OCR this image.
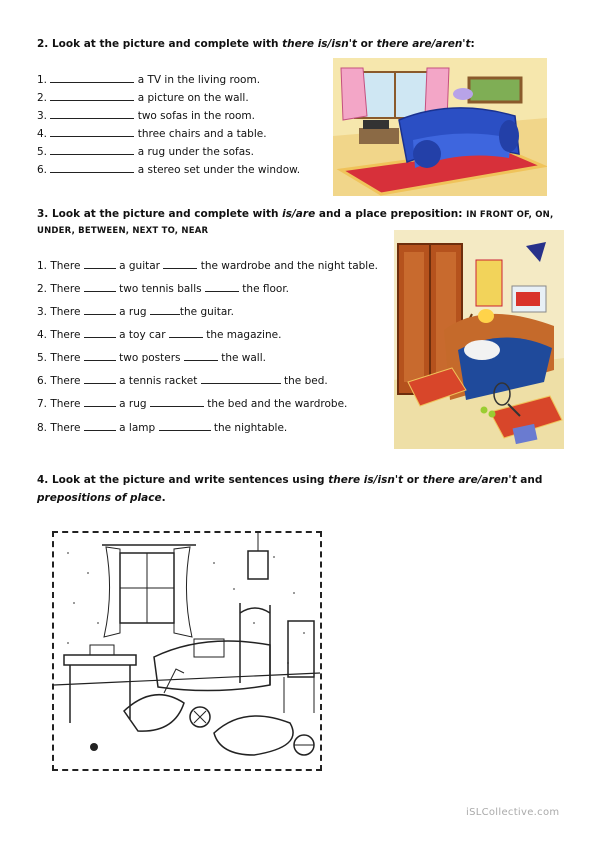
2. Look at the picture and complete with there is/isn't or there are/aren't:
1.	a TV in the living room.
2.	a picture on the wall.
3.	two sofas in the room.
4.	three chairs and a table.
5.	a rug under the sofas.
6.	a stereo set under the window.
3. Look at the picture and complete with is/are and a place preposition: IN FRONT OF, ON,
UNDER, BETWEEN, NEXT TO, NEAR
1. There	a guitar	the wardrobe and the night table.
2. There	two tennis balls	the floor.
3. There	a rug	the guitar.
4. There	a toy car	the magazine.
5. There	two posters	the wall.
6. There	a tennis racket	the bed.
7. There	a rug	the bed and the wardrobe.
8. There	a lamp	the nightable.
4. Look at the picture and write sentences using there is/isn't or there are/aren't and
prepositions of place.
iSLCollective.com
